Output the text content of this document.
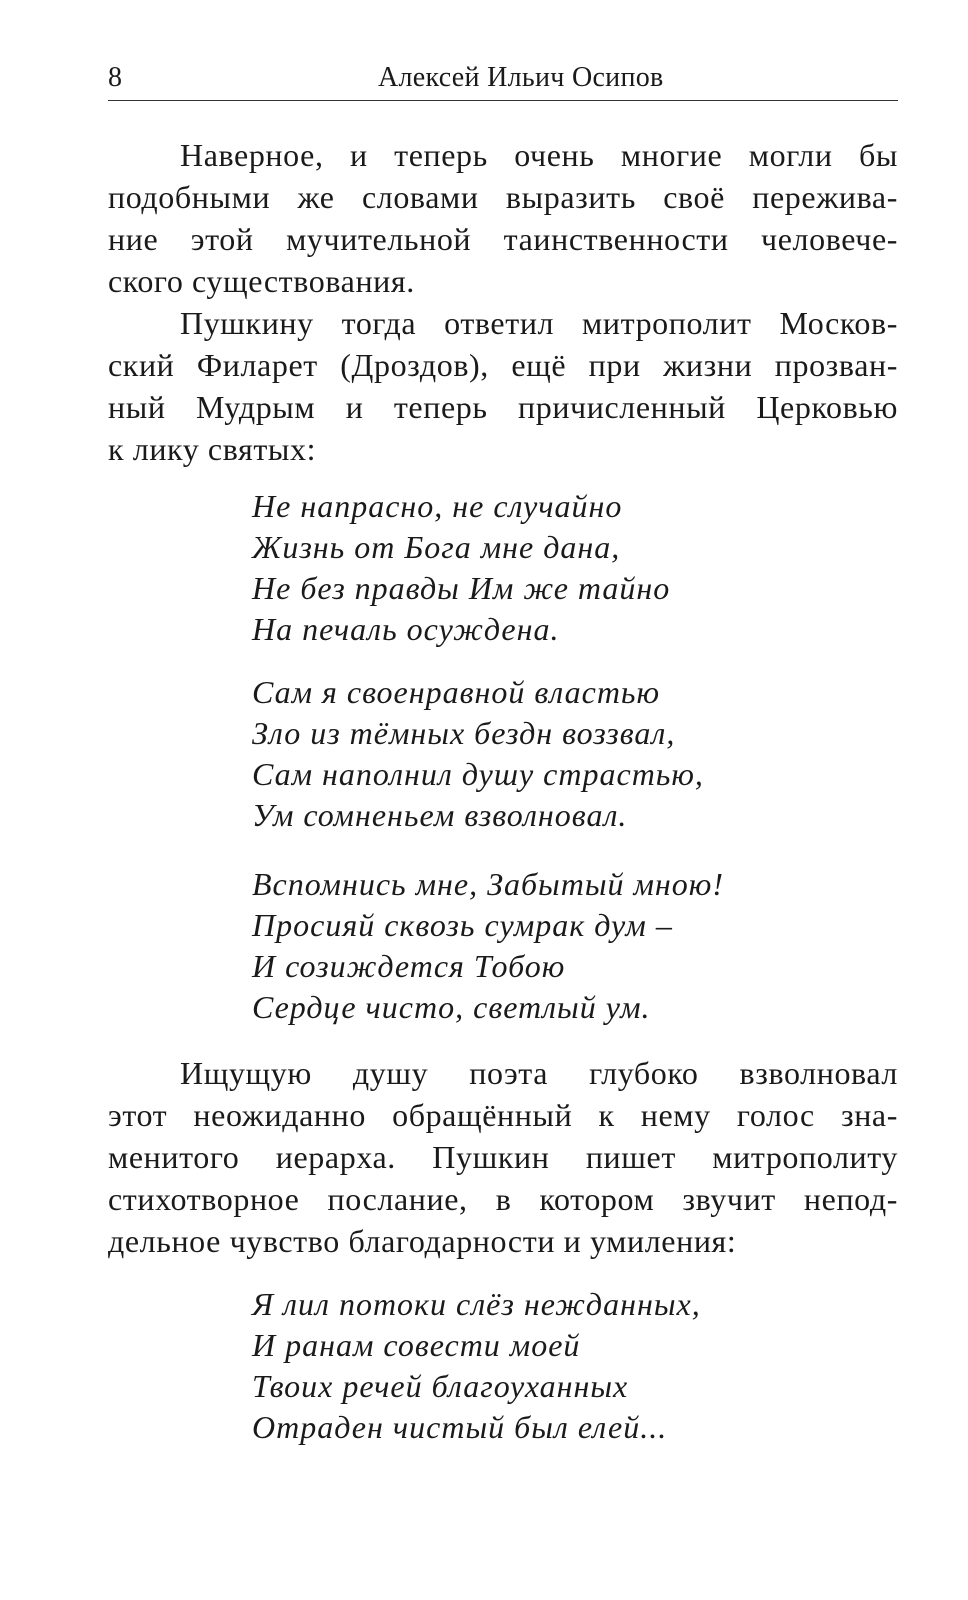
8	Алексей Ильич Осипов
Наверное, и теперь очень многие могли бы
подобными же словами выразить своё пережива-
ние этой мучительной таинственности человече-
ского существования.
Пушкину тогда ответил митрополит Москов-
ский Филарет (Дроздов), ещё при жизни прозван-
ный Мудрым и теперь причисленный Церковью
к лику святых:
Не напрасно, не случайно
Жизнь от Бога мне дана,
Не без правды Им же тайно
На печаль осуждена.
Сам я своенравной властью
Зло из тёмных бездн воззвал,
Сам наполнил душу страстью,
Ум сомненьем взволновал.
Вспомнись мне, Забытый мною!
Просияй сквозь сумрак дум –
И созиждется Тобою
Сердце чисто, светлый ум.
Ищущую душу поэта глубоко взволновал
этот неожиданно обращённый к нему голос зна-
менитого иерарха. Пушкин пишет митрополиту
стихотворное послание, в котором звучит непод-
дельное чувство благодарности и умиления:
Я лил потоки слёз нежданных,
И ранам совести моей
Твоих речей благоуханных
Отраден чистый был елей...
